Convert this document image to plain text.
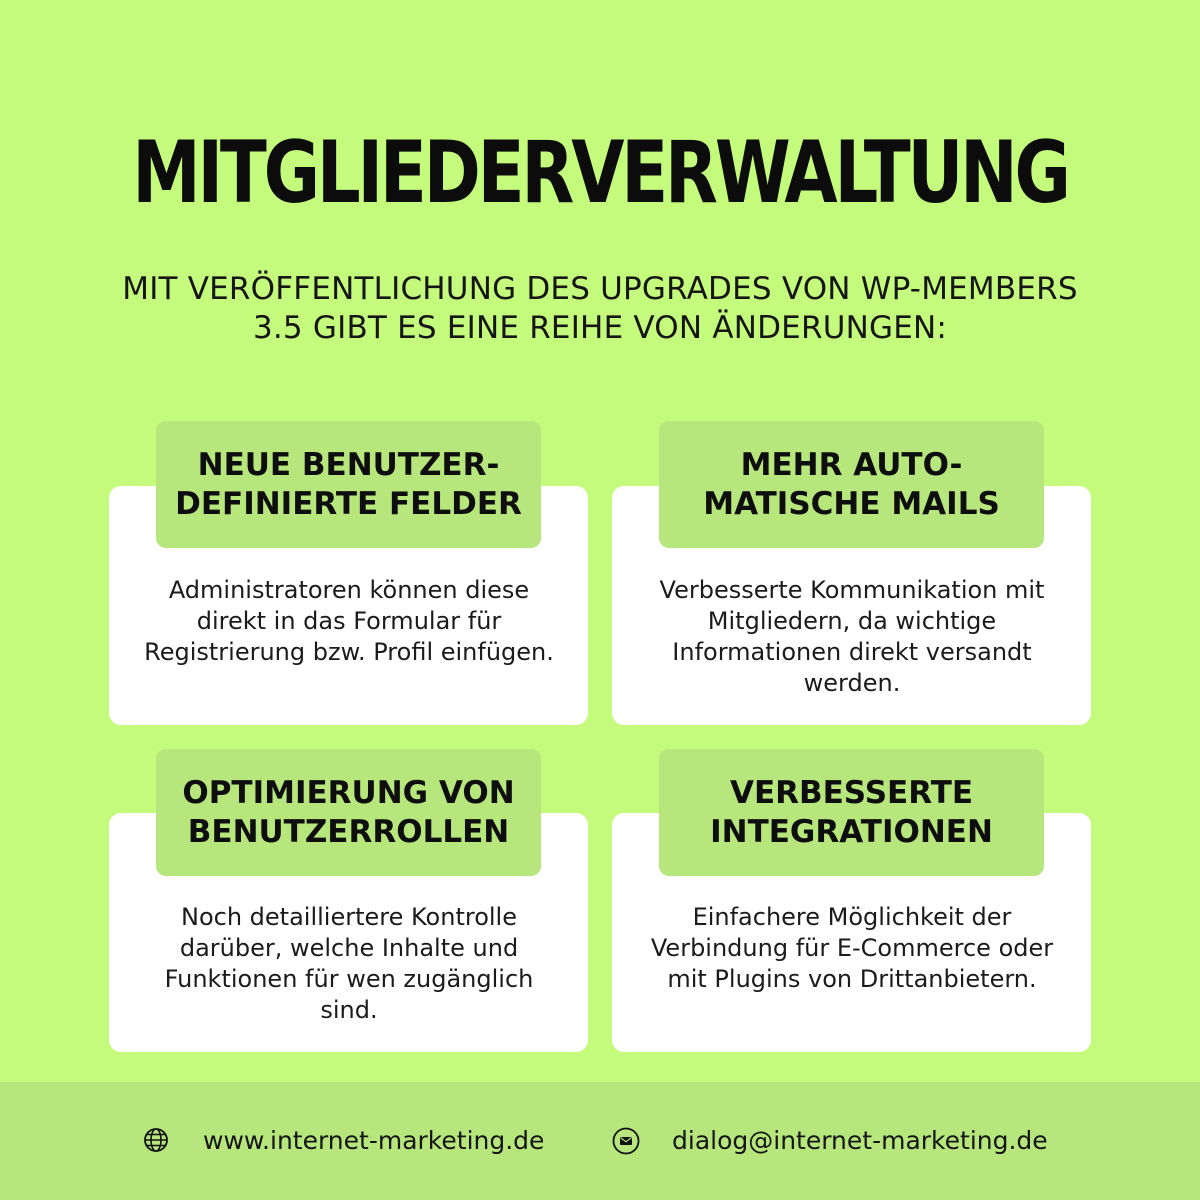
MITGLIEDERVERWALTUNG
MIT VERÖFFENTLICHUNG DES UPGRADES VON WP-MEMBERS 3.5 GIBT ES EINE REIHE VON ÄNDERUNGEN:
NEUE BENUTZER-DEFINIERTE FELDER
Administratoren können diese direkt in das Formular für Registrierung bzw. Profil einfügen.
MEHR AUTO-MATISCHE MAILS
Verbesserte Kommunikation mit Mitgliedern, da wichtige Informationen direkt versandt werden.
OPTIMIERUNG VON BENUTZERROLLEN
Noch detailliertere Kontrolle darüber, welche Inhalte und Funktionen für wen zugänglich sind.
VERBESSERTE INTEGRATIONEN
Einfachere Möglichkeit der Verbindung für E-Commerce oder mit Plugins von Drittanbietern.
www.internet-marketing.de	dialog@internet-marketing.de
